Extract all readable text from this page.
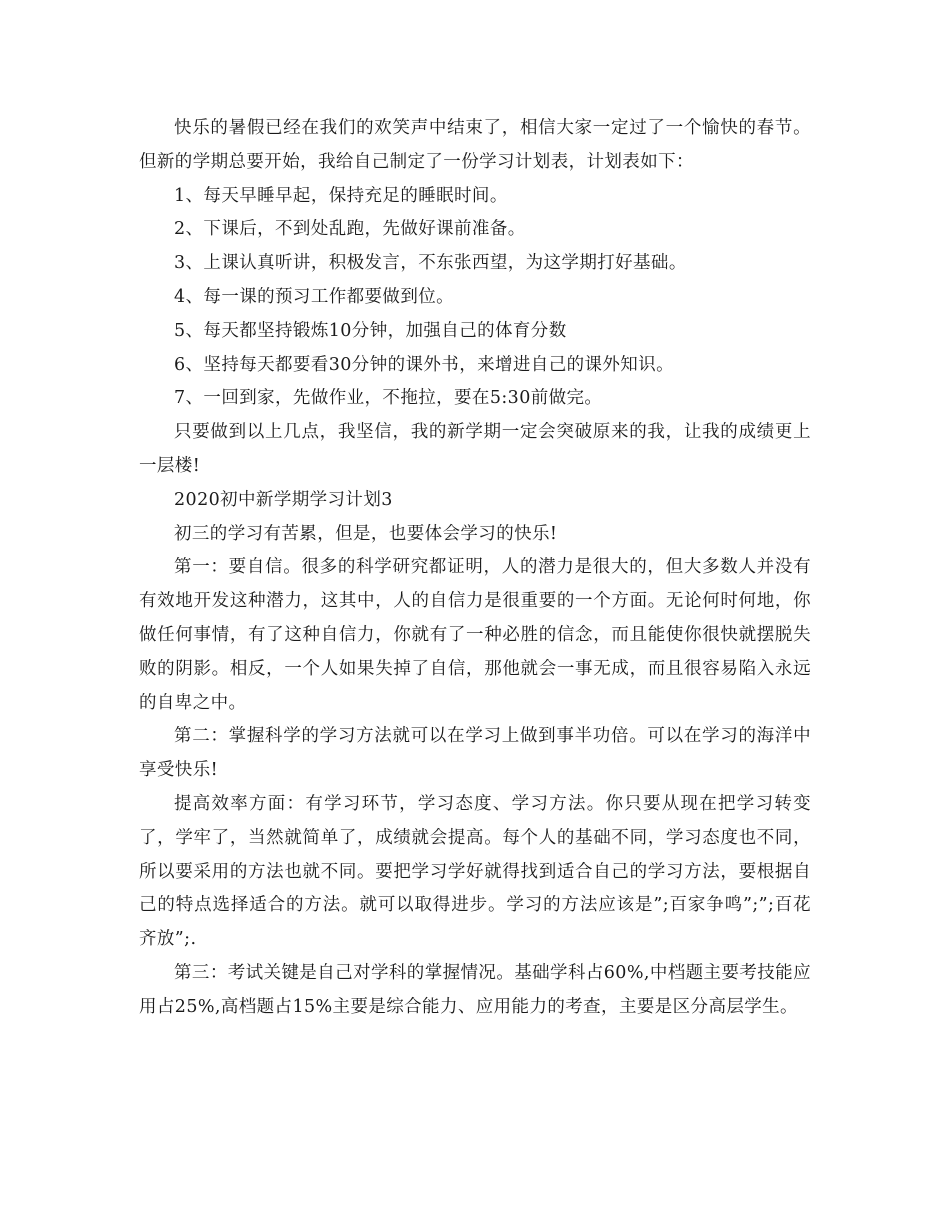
快乐的暑假已经在我们的欢笑声中结束了，相信大家一定过了一个愉快的春节。但新的学期总要开始，我给自己制定了一份学习计划表，计划表如下：

1、每天早睡早起，保持充足的睡眠时间。

2、下课后，不到处乱跑，先做好课前准备。

3、上课认真听讲，积极发言，不东张西望，为这学期打好基础。

4、每一课的预习工作都要做到位。

5、每天都坚持锻炼10分钟，加强自己的体育分数

6、坚持每天都要看30分钟的课外书，来增进自己的课外知识。

7、一回到家，先做作业，不拖拉，要在5:30前做完。

只要做到以上几点，我坚信，我的新学期一定会突破原来的我，让我的成绩更上一层楼!

2020初中新学期学习计划3

初三的学习有苦累，但是，也要体会学习的快乐!

第一：要自信。很多的科学研究都证明，人的潜力是很大的，但大多数人并没有有效地开发这种潜力，这其中，人的自信力是很重要的一个方面。无论何时何地，你做任何事情，有了这种自信力，你就有了一种必胜的信念，而且能使你很快就摆脱失败的阴影。相反，一个人如果失掉了自信，那他就会一事无成，而且很容易陷入永远的自卑之中。

第二：掌握科学的学习方法就可以在学习上做到事半功倍。可以在学习的海洋中享受快乐!

提高效率方面：有学习环节，学习态度、学习方法。你只要从现在把学习转变了，学牢了，当然就简单了，成绩就会提高。每个人的基础不同，学习态度也不同，所以要采用的方法也就不同。要把学习学好就得找到适合自己的学习方法，要根据自己的特点选择适合的方法。就可以取得进步。学习的方法应该是”;百家争鸣”;”;百花齐放”;.

第三：考试关键是自己对学科的掌握情况。基础学科占60%,中档题主要考技能应用占25%,高档题占15%主要是综合能力、应用能力的考查，主要是区分高层学生。
